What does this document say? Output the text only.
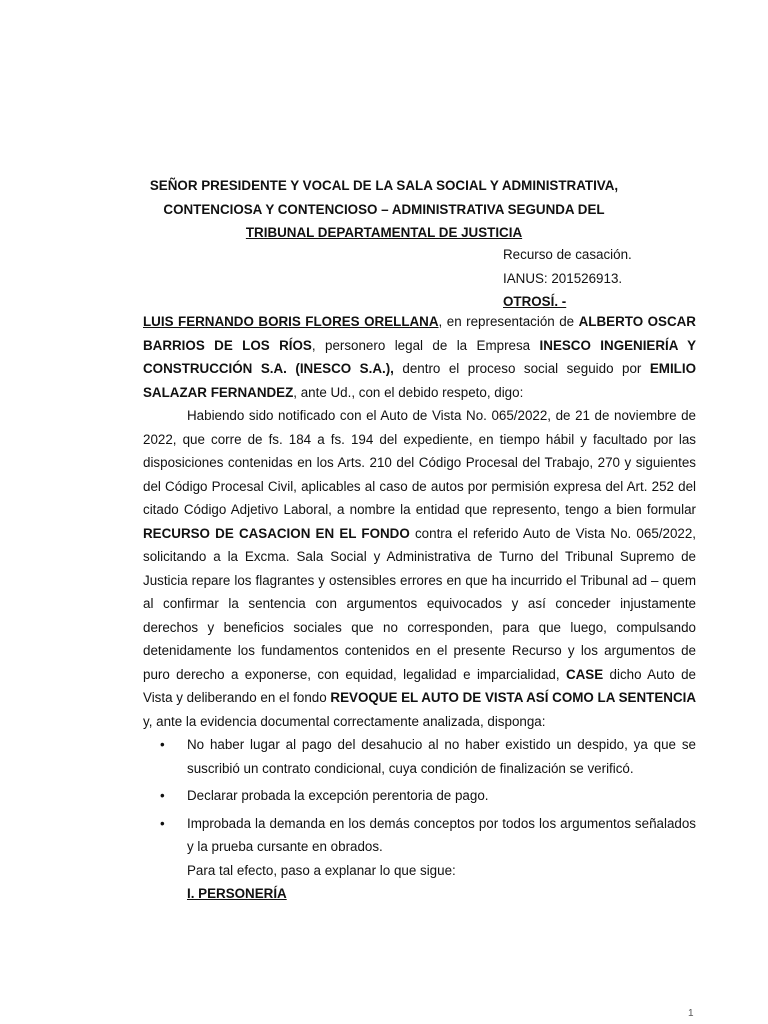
SEÑOR PRESIDENTE Y VOCAL DE LA SALA SOCIAL Y ADMINISTRATIVA,
CONTENCIOSA Y CONTENCIOSO – ADMINISTRATIVA SEGUNDA DEL
TRIBUNAL DEPARTAMENTAL DE JUSTICIA
Recurso de casación.
IANUS: 201526913.
OTROSÍ. -

LUIS FERNANDO BORIS FLORES ORELLANA, en representación de ALBERTO OSCAR BARRIOS DE LOS RÍOS, personero legal de la Empresa INESCO INGENIERÍA Y CONSTRUCCIÓN S.A. (INESCO S.A.), dentro el proceso social seguido por EMILIO SALAZAR FERNANDEZ, ante Ud., con el debido respeto, digo:

Habiendo sido notificado con el Auto de Vista No. 065/2022, de 21 de noviembre de 2022, que corre de fs. 184 a fs. 194 del expediente, en tiempo hábil y facultado por las disposiciones contenidas en los Arts. 210 del Código Procesal del Trabajo, 270 y siguientes del Código Procesal Civil, aplicables al caso de autos por permisión expresa del Art. 252 del citado Código Adjetivo Laboral, a nombre la entidad que represento, tengo a bien formular RECURSO DE CASACION EN EL FONDO contra el referido Auto de Vista No. 065/2022, solicitando a la Excma. Sala Social y Administrativa de Turno del Tribunal Supremo de Justicia repare los flagrantes y ostensibles errores en que ha incurrido el Tribunal ad – quem al confirmar la sentencia con argumentos equivocados y así conceder injustamente derechos y beneficios sociales que no corresponden, para que luego, compulsando detenidamente los fundamentos contenidos en el presente Recurso y los argumentos de puro derecho a exponerse, con equidad, legalidad e imparcialidad, CASE dicho Auto de Vista y deliberando en el fondo REVOQUE EL AUTO DE VISTA ASÍ COMO LA SENTENCIA y, ante la evidencia documental correctamente analizada, disponga:

• No haber lugar al pago del desahucio al no haber existido un despido, ya que se suscribió un contrato condicional, cuya condición de finalización se verificó.
• Declarar probada la excepción perentoria de pago.
• Improbada la demanda en los demás conceptos por todos los argumentos señalados y la prueba cursante en obrados.

Para tal efecto, paso a explanar lo que sigue:

I. PERSONERÍA

1
